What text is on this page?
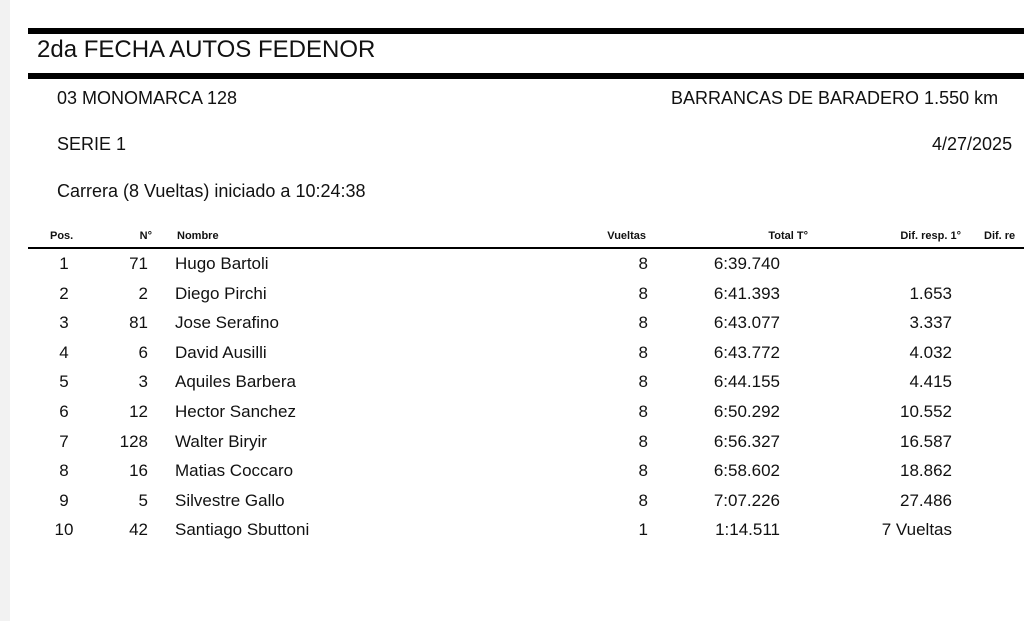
2da FECHA AUTOS FEDENOR
03 MONOMARCA 128	BARRANCAS DE BARADERO 1.550 km
SERIE 1	4/27/2025
Carrera (8 Vueltas) iniciado a 10:24:38
Pos.	N° Nombre	Vueltas	Total T°	Dif. resp. 1° Dif. re
1	71 Hugo Bartoli	8	6:39.740
2	2 Diego Pirchi	8	6:41.393	1.653
3	81 Jose Serafino	8	6:43.077	3.337
4	6 David Ausilli	8	6:43.772	4.032
5	3 Aquiles Barbera	8	6:44.155	4.415
6	12 Hector Sanchez	8	6:50.292	10.552
7	128 Walter Biryir	8	6:56.327	16.587
8	16 Matias Coccaro	8	6:58.602	18.862
9	5 Silvestre Gallo	8	7:07.226	27.486
10	42 Santiago Sbuttoni	1	1:14.511	7 Vueltas
